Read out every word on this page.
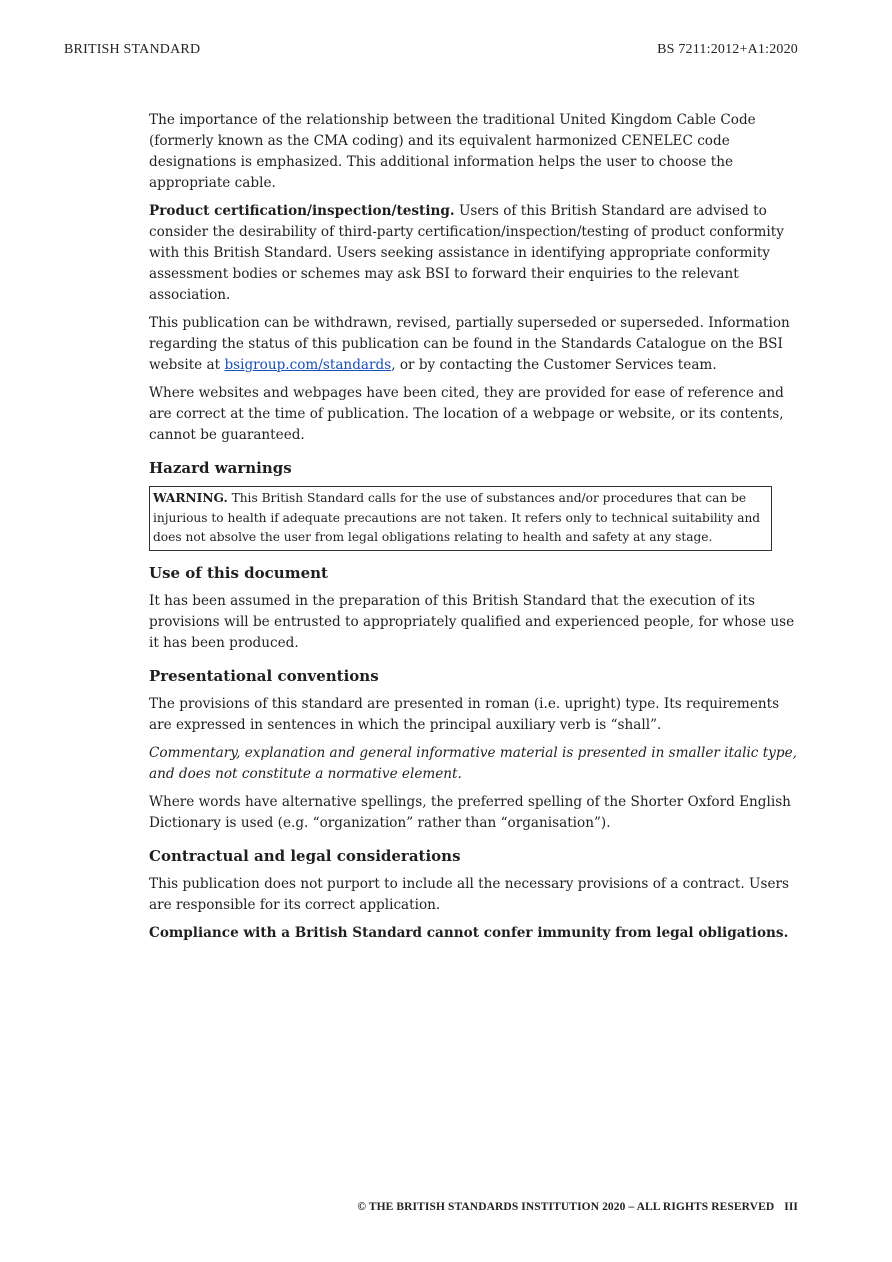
BRITISH STANDARD	BS 7211:2012+A1:2020

The importance of the relationship between the traditional United Kingdom Cable Code (formerly known as the CMA coding) and its equivalent harmonized CENELEC code designations is emphasized. This additional information helps the user to choose the appropriate cable.

Product certification/inspection/testing. Users of this British Standard are advised to consider the desirability of third-party certification/inspection/testing of product conformity with this British Standard. Users seeking assistance in identifying appropriate conformity assessment bodies or schemes may ask BSI to forward their enquiries to the relevant association.

This publication can be withdrawn, revised, partially superseded or superseded. Information regarding the status of this publication can be found in the Standards Catalogue on the BSI website at bsigroup.com/standards, or by contacting the Customer Services team.

Where websites and webpages have been cited, they are provided for ease of reference and are correct at the time of publication. The location of a webpage or website, or its contents, cannot be guaranteed.

Hazard warnings
WARNING. This British Standard calls for the use of substances and/or procedures that can be injurious to health if adequate precautions are not taken. It refers only to technical suitability and does not absolve the user from legal obligations relating to health and safety at any stage.
Use of this document

It has been assumed in the preparation of this British Standard that the execution of its provisions will be entrusted to appropriately qualified and experienced people, for whose use it has been produced.

Presentational conventions

The provisions of this standard are presented in roman (i.e. upright) type. Its requirements are expressed in sentences in which the principal auxiliary verb is “shall”.

Commentary, explanation and general informative material is presented in smaller italic type, and does not constitute a normative element.

Where words have alternative spellings, the preferred spelling of the Shorter Oxford English Dictionary is used (e.g. “organization” rather than “organisation”).

Contractual and legal considerations

This publication does not purport to include all the necessary provisions of a contract. Users are responsible for its correct application.

Compliance with a British Standard cannot confer immunity from legal obligations.

© THE BRITISH STANDARDS INSTITUTION 2020 – ALL RIGHTS RESERVED III
